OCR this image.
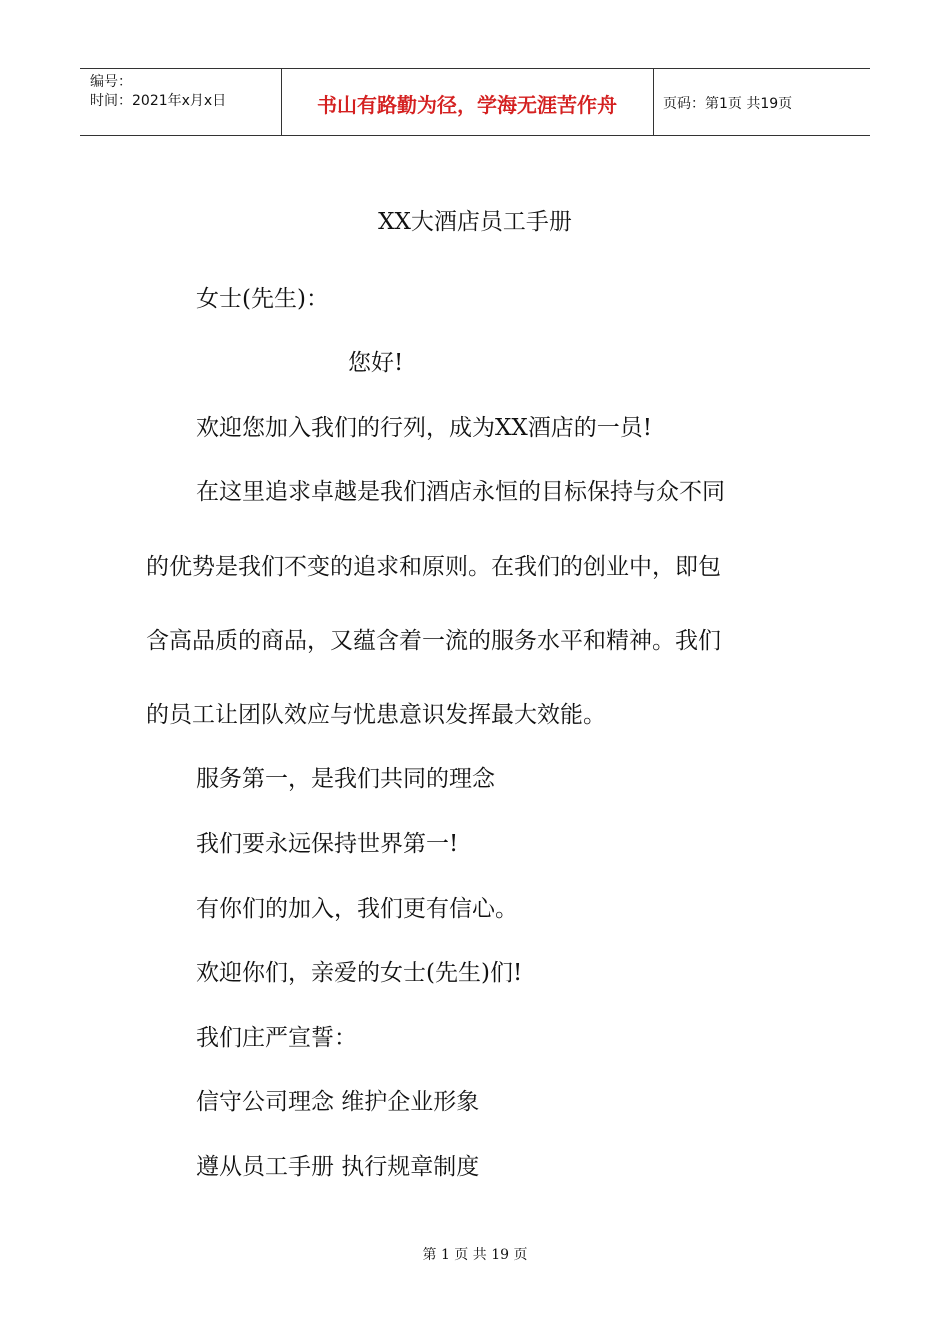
编号：
时间：2021年x月x日	书山有路勤为径，学海无涯苦作舟	页码：第1页 共19页
XX大酒店员工手册
女士(先生)：
您好!
欢迎您加入我们的行列，成为XX酒店的一员!
在这里追求卓越是我们酒店永恒的目标保持与众不同
的优势是我们不变的追求和原则。在我们的创业中，即包
含高品质的商品，又蕴含着一流的服务水平和精神。我们
的员工让团队效应与忧患意识发挥最大效能。
服务第一，是我们共同的理念
我们要永远保持世界第一!
有你们的加入，我们更有信心。
欢迎你们，亲爱的女士(先生)们!
我们庄严宣誓：
信守公司理念 维护企业形象
遵从员工手册 执行规章制度
第 1 页 共 19 页
